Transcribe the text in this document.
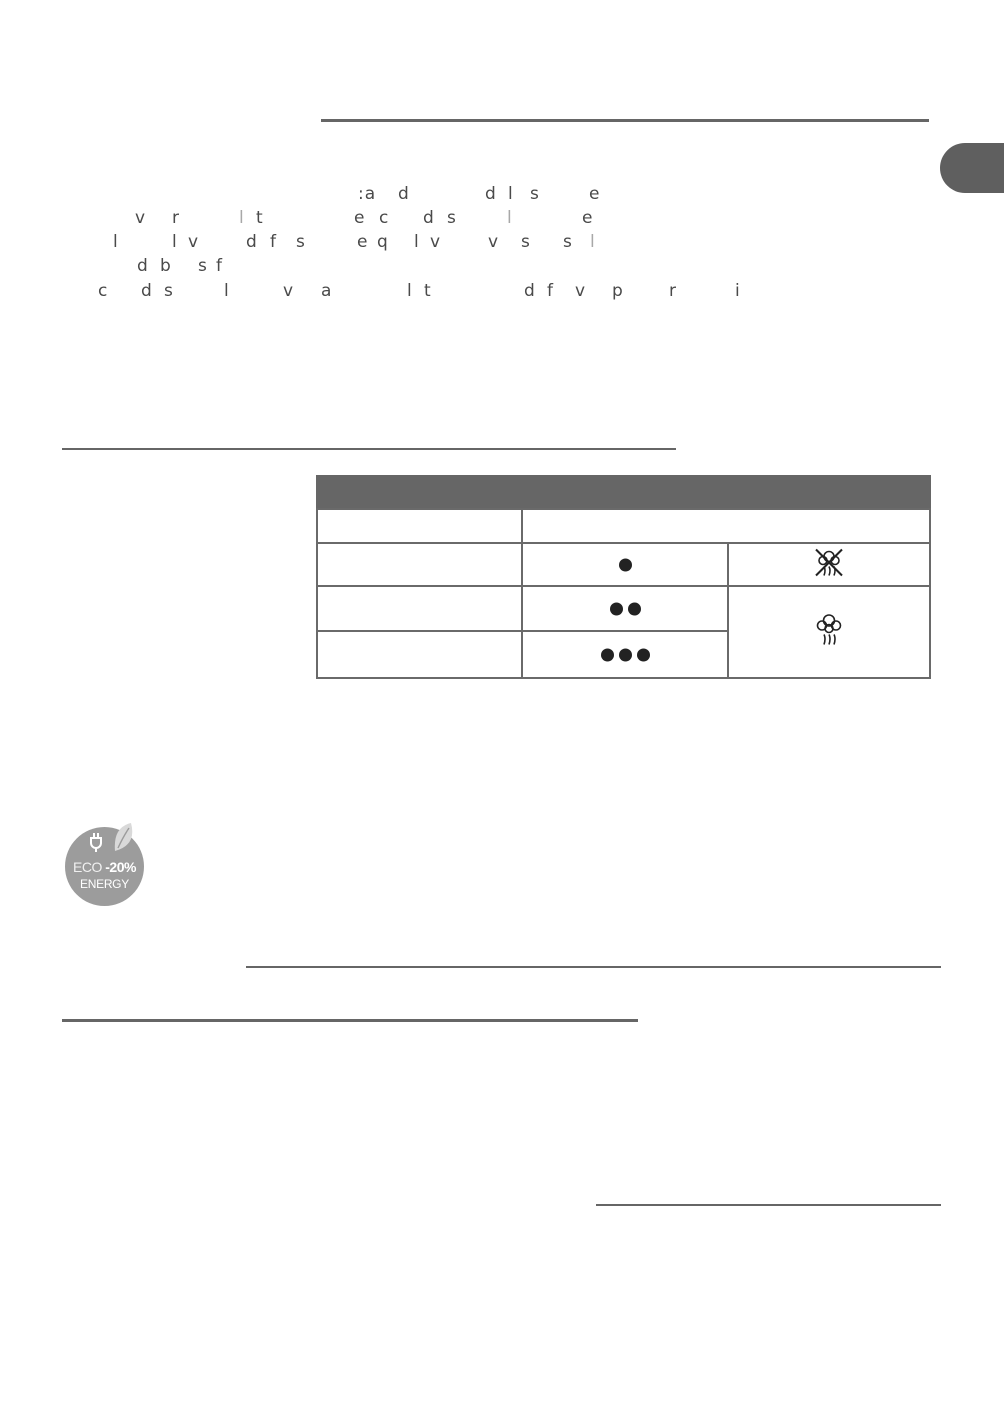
:a d	d l s	e
v r	l t	e c d s	l	e
l	l v	d f s	e q l v	v s s l
d b s f
c d s	l	v a	l t	d f v p	r	i
ECO -20%
ENERGY
